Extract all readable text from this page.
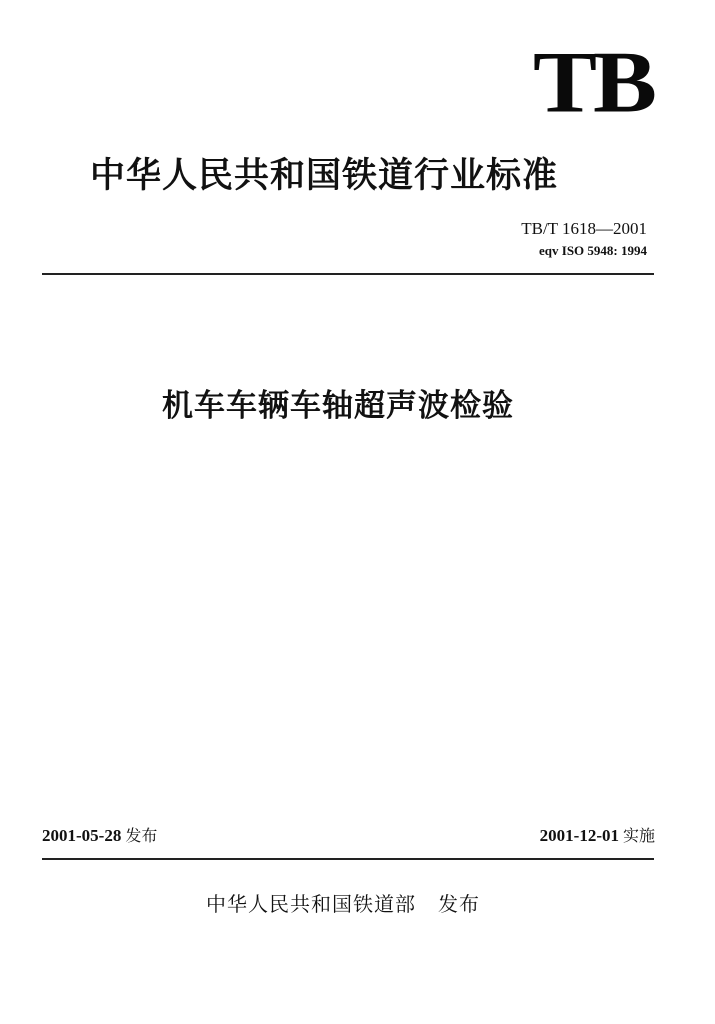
TB
中华人民共和国铁道行业标准
TB/T 1618—2001
eqv ISO 5948: 1994
机车车辆车轴超声波检验
2001-05-28 发布	2001-12-01 实施
中华人民共和国铁道部 发布
